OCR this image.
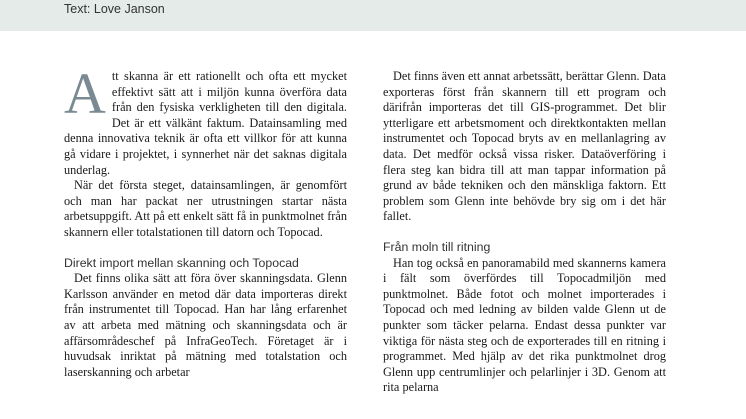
Text: Love Janson

Att skanna är ett rationellt och ofta ett mycket effektivt sätt att i miljön kunna överföra data från den fysiska verkligheten till den digitala. Det är ett välkänt faktum. Datainsamling med denna innovativa teknik är ofta ett villkor för att kunna gå vidare i projektet, i synnerhet när det saknas digitala underlag.

När det första steget, datainsamlingen, är genomfört och man har packat ner utrustningen startar nästa arbetsuppgift. Att på ett enkelt sätt få in punktmolnet från skannern eller totalstationen till datorn och Topocad.

Direkt import mellan skanning och Topocad

Det finns olika sätt att föra över skanningsdata. Glenn Karlsson använder en metod där data importeras direkt från instrumentet till Topocad. Han har lång erfarenhet av att arbeta med mätning och skanningsdata och är affärsområdeschef på InfraGeoTech. Företaget är i huvudsak inriktat på mätning med totalstation och laserskanning och arbetar

Det finns även ett annat arbetssätt, berättar Glenn. Data exporteras först från skannern till ett program och därifrån importeras det till GIS-programmet. Det blir ytterligare ett arbetsmoment och direktkontakten mellan instrumentet och Topocad bryts av en mellanlagring av data. Det medför också vissa risker. Dataöverföring i flera steg kan bidra till att man tappar information på grund av både tekniken och den mänskliga faktorn. Ett problem som Glenn inte behövde bry sig om i det här fallet.

Från moln till ritning

Han tog också en panoramabild med skannerns kamera i fält som överfördes till Topocadmiljön med punktmolnet. Både fotot och molnet importerades i Topocad och med ledning av bilden valde Glenn ut de punkter som täcker pelarna. Endast dessa punkter var viktiga för nästa steg och de exporterades till en ritning i programmet. Med hjälp av det rika punktmolnet drog Glenn upp centrumlinjer och pelarlinjer i 3D. Genom att rita pelarna
